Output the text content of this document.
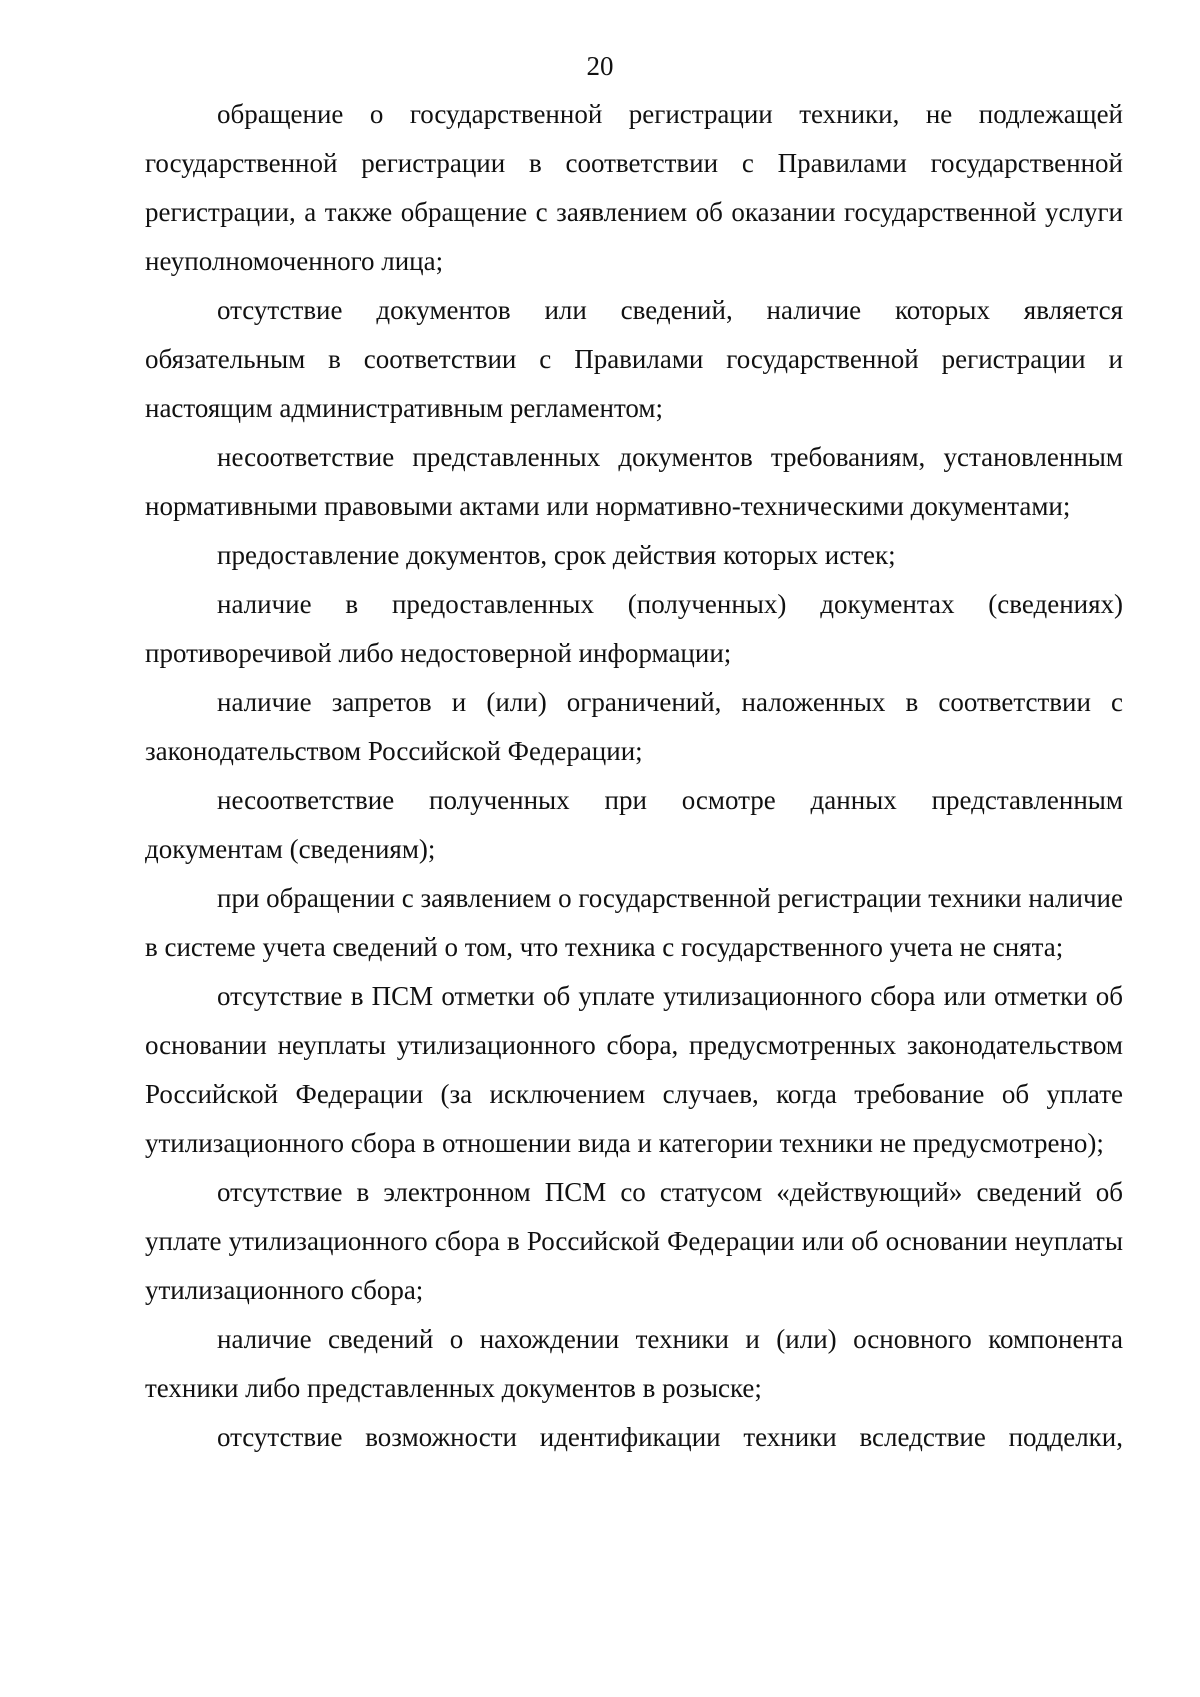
20

обращение о государственной регистрации техники, не подлежащей государственной регистрации в соответствии с Правилами государственной регистрации, а также обращение с заявлением об оказании государственной услуги неуполномоченного лица;

отсутствие документов или сведений, наличие которых является обязательным в соответствии с Правилами государственной регистрации и настоящим административным регламентом;

несоответствие представленных документов требованиям, установленным нормативными правовыми актами или нормативно-техническими документами;

предоставление документов, срок действия которых истек;

наличие в предоставленных (полученных) документах (сведениях) противоречивой либо недостоверной информации;

наличие запретов и (или) ограничений, наложенных в соответствии с законодательством Российской Федерации;

несоответствие полученных при осмотре данных представленным документам (сведениям);

при обращении с заявлением о государственной регистрации техники наличие в системе учета сведений о том, что техника с государственного учета не снята;

отсутствие в ПСМ отметки об уплате утилизационного сбора или отметки об основании неуплаты утилизационного сбора, предусмотренных законодательством Российской Федерации (за исключением случаев, когда требование об уплате утилизационного сбора в отношении вида и категории техники не предусмотрено);

отсутствие в электронном ПСМ со статусом «действующий» сведений об уплате утилизационного сбора в Российской Федерации или об основании неуплаты утилизационного сбора;

наличие сведений о нахождении техники и (или) основного компонента техники либо представленных документов в розыске;

отсутствие возможности идентификации техники вследствие подделки,
